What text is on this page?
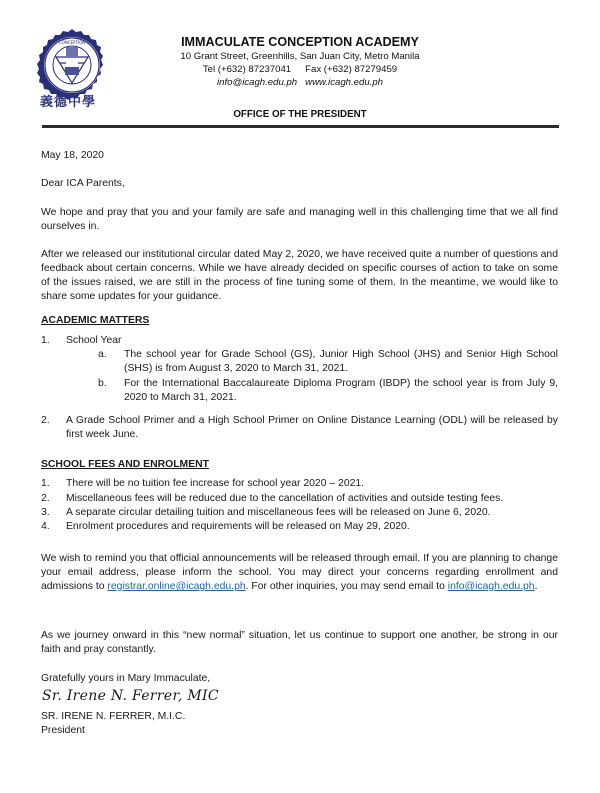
CONCEPTION
義德中學
IMMACULATE CONCEPTION ACADEMY
10 Grant Street, Greenhills, San Juan City, Metro Manila
Tel (+632) 87237041 Fax (+632) 87279459
info@icagh.edu.ph www.icagh.edu.ph
OFFICE OF THE PRESIDENT
May 18, 2020
Dear ICA Parents,
We hope and pray that you and your family are safe and managing well in this challenging time that we all find ourselves in.
After we released our institutional circular dated May 2, 2020, we have received quite a number of questions and feedback about certain concerns. While we have already decided on specific courses of action to take on some of the issues raised, we are still in the process of fine tuning some of them. In the meantime, we would like to share some updates for your guidance.
ACADEMIC MATTERS
1. School Year
a. The school year for Grade School (GS), Junior High School (JHS) and Senior High School (SHS) is from August 3, 2020 to March 31, 2021.
b. For the International Baccalaureate Diploma Program (IBDP) the school year is from July 9, 2020 to March 31, 2021.
2. A Grade School Primer and a High School Primer on Online Distance Learning (ODL) will be released by first week June.
SCHOOL FEES AND ENROLMENT
1. There will be no tuition fee increase for school year 2020 – 2021.
2. Miscellaneous fees will be reduced due to the cancellation of activities and outside testing fees.
3. A separate circular detailing tuition and miscellaneous fees will be released on June 6, 2020.
4. Enrolment procedures and requirements will be released on May 29, 2020.
We wish to remind you that official announcements will be released through email. If you are planning to change your email address, please inform the school. You may direct your concerns regarding enrollment and admissions to registrar.online@icagh.edu.ph. For other inquiries, you may send email to info@icagh.edu.ph.
As we journey onward in this “new normal” situation, let us continue to support one another, be strong in our faith and pray constantly.
Gratefully yours in Mary Immaculate,
Sr. Irene N. Ferrer, MIC
SR. IRENE N. FERRER, M.I.C.
President
